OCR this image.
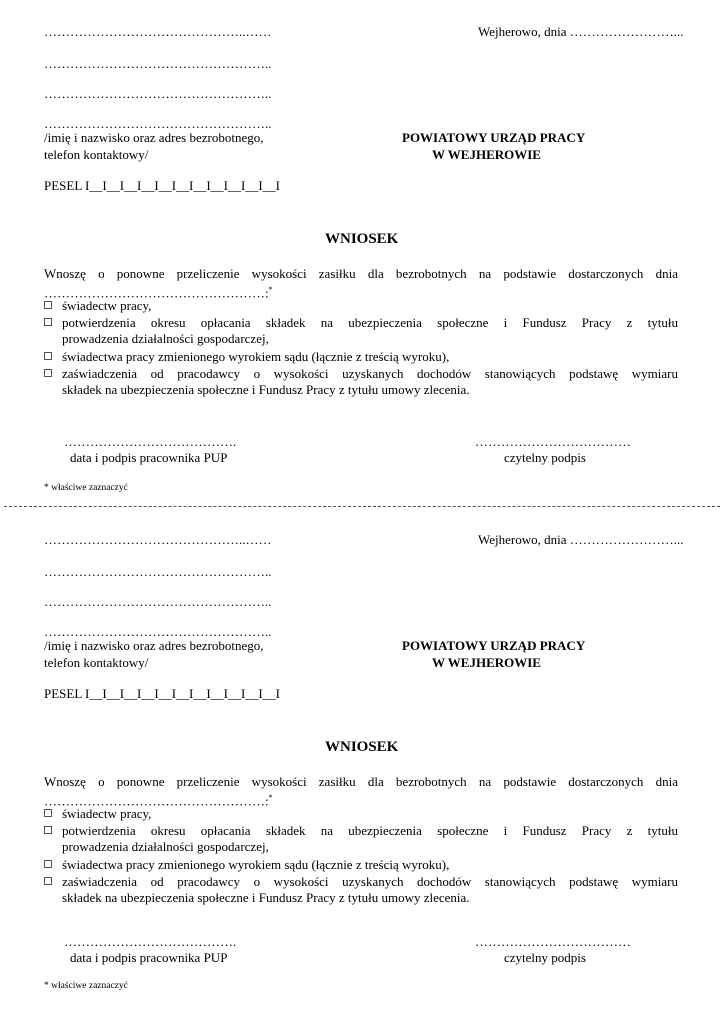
………………………………………..……	Wejherowo, dnia ……………………...
……………………………………………..
……………………………………………..
……………………………………………..
/imię i nazwisko oraz adres bezrobotnego,
telefon kontaktowy/
POWIATOWY URZĄD PRACY
W WEJHEROWIE
PESEL I__I__I__I__I__I__I__I__I__I__I__I
WNIOSEK
Wnoszę o ponowne przeliczenie wysokości zasiłku dla bezrobotnych na podstawie dostarczonych dnia
……………………………………………:*
świadectw pracy,
potwierdzenia okresu opłacania składek na ubezpieczenia społeczne i Fundusz Pracy z tytułu
prowadzenia działalności gospodarczej,
świadectwa pracy zmienionego wyrokiem sądu (łącznie z treścią wyroku),
zaświadczenia od pracodawcy o wysokości uzyskanych dochodów stanowiących podstawę wymiaru
składek na ubezpieczenia społeczne i Fundusz Pracy z tytułu umowy zlecenia.
………………………………….
data i podpis pracownika PUP
………………………………
czytelny podpis
* właściwe zaznaczyć
………………………………………..……	Wejherowo, dnia ……………………...
……………………………………………..
……………………………………………..
……………………………………………..
/imię i nazwisko oraz adres bezrobotnego,
telefon kontaktowy/
POWIATOWY URZĄD PRACY
W WEJHEROWIE
PESEL I__I__I__I__I__I__I__I__I__I__I__I
WNIOSEK
Wnoszę o ponowne przeliczenie wysokości zasiłku dla bezrobotnych na podstawie dostarczonych dnia
……………………………………………:*
świadectw pracy,
potwierdzenia okresu opłacania składek na ubezpieczenia społeczne i Fundusz Pracy z tytułu
prowadzenia działalności gospodarczej,
świadectwa pracy zmienionego wyrokiem sądu (łącznie z treścią wyroku),
zaświadczenia od pracodawcy o wysokości uzyskanych dochodów stanowiących podstawę wymiaru
składek na ubezpieczenia społeczne i Fundusz Pracy z tytułu umowy zlecenia.
………………………………….
data i podpis pracownika PUP
………………………………
czytelny podpis
* właściwe zaznaczyć
